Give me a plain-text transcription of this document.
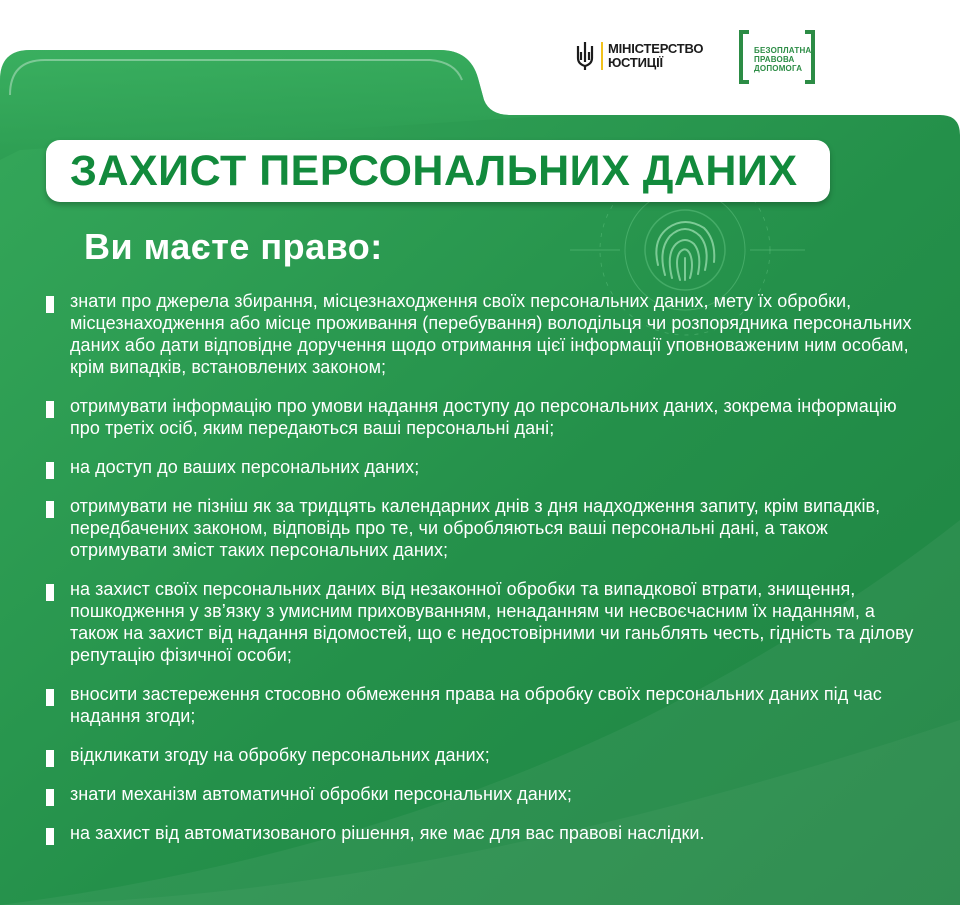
МІНІСТЕРСТВО
ЮСТИЦІЇ
БЕЗОПЛАТНА
ПРАВОВА
ДОПОМОГА
ЗАХИСТ ПЕРСОНАЛЬНИХ ДАНИХ
Ви маєте право:
знати про джерела збирання, місцезнаходження своїх персональних даних, мету їх обробки, місцезнаходження або місце проживання (перебування) володільця чи розпорядника персональних даних або дати відповідне доручення щодо отримання цієї інформації уповноваженим ним особам, крім випадків, встановлених законом;
отримувати інформацію про умови надання доступу до персональних даних, зокрема інформацію про третіх осіб, яким передаються ваші персональні дані;
на доступ до ваших персональних даних;
отримувати не пізніш як за тридцять календарних днів з дня надходження запиту, крім випадків, передбачених законом, відповідь про те, чи обробляються ваші персональні дані, а також отримувати зміст таких персональних даних;
на захист своїх персональних даних від незаконної обробки та випадкової втрати, знищення, пошкодження у зв’язку з умисним приховуванням, ненаданням чи несвоєчасним їх наданням, а також на захист від надання відомостей, що є недостовірними чи ганьблять честь, гідність та ділову репутацію фізичної особи;
вносити застереження стосовно обмеження права на обробку своїх персональних даних під час надання згоди;
відкликати згоду на обробку персональних даних;
знати механізм автоматичної обробки персональних даних;
на захист від автоматизованого рішення, яке має для вас правові наслідки.
